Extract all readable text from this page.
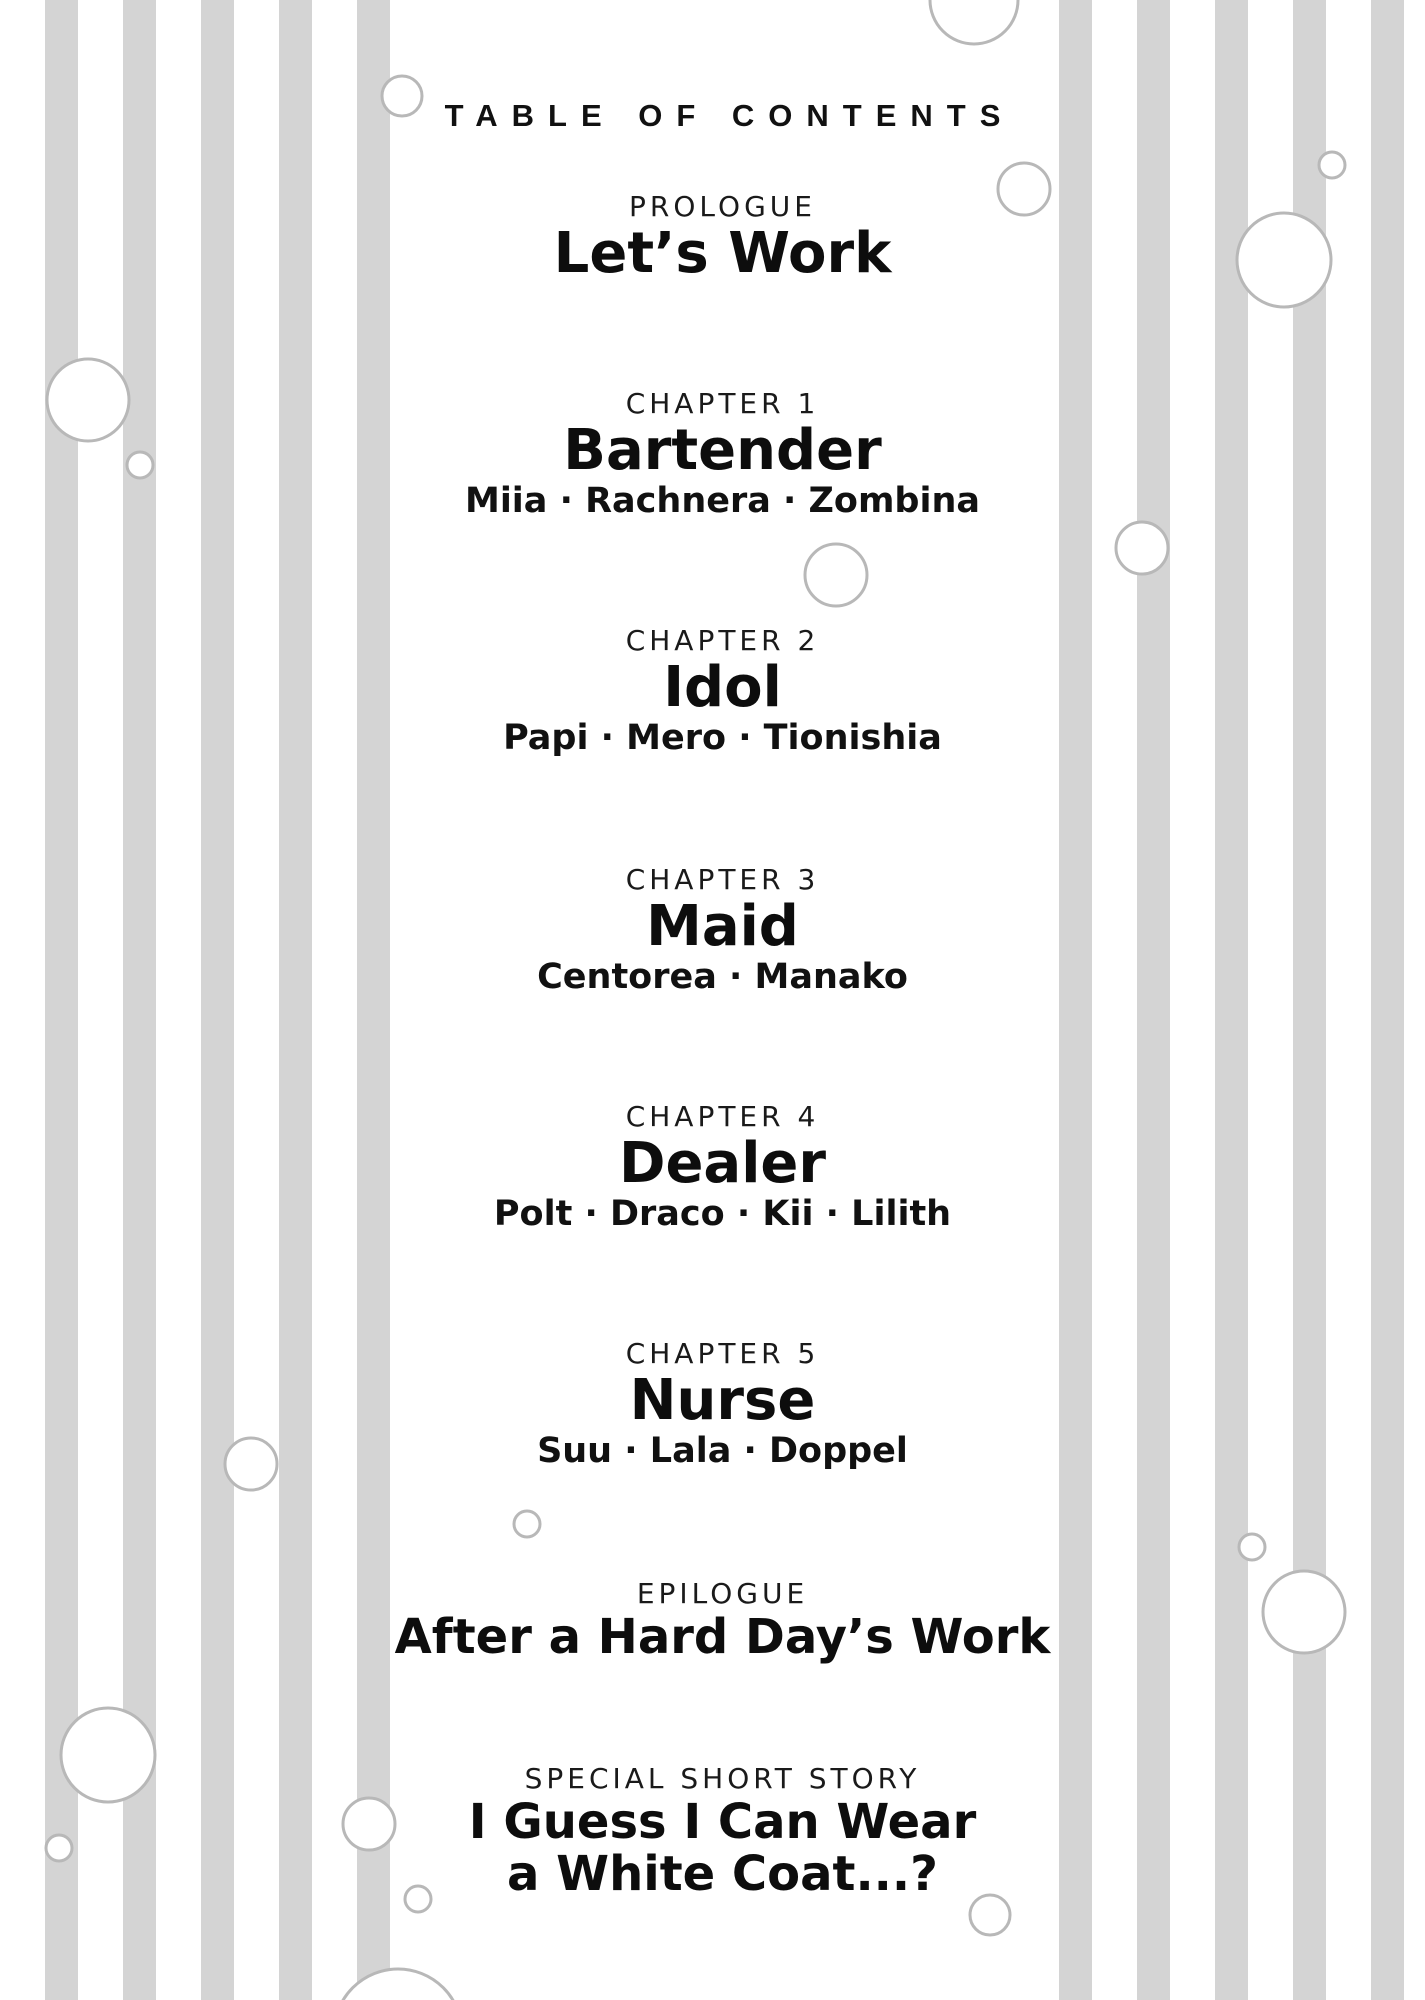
TABLE OF CONTENTS
PROLOGUE
Let’s Work
CHAPTER 1
Bartender
Miia · Rachnera · Zombina
CHAPTER 2
Idol
Papi · Mero · Tionishia
CHAPTER 3
Maid
Centorea · Manako
CHAPTER 4
Dealer
Polt · Draco · Kii · Lilith
CHAPTER 5
Nurse
Suu · Lala · Doppel
EPILOGUE
After a Hard Day’s Work
SPECIAL SHORT STORY
I Guess I Can Wear
a White Coat...?
